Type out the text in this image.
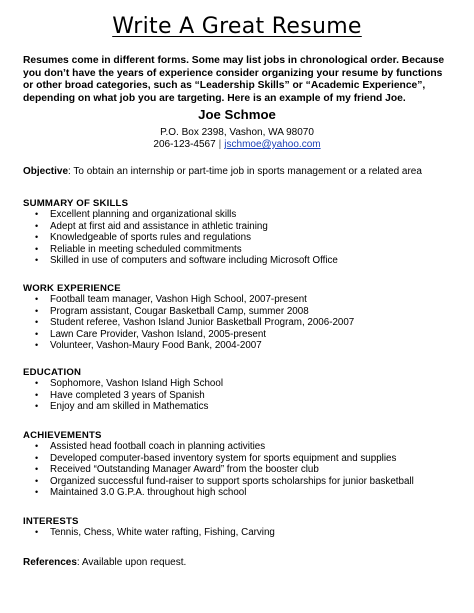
Write A Great Resume
Resumes come in different forms. Some may list jobs in chronological order. Because you don’t have the years of experience consider organizing your resume by functions or other broad categories, such as “Leadership Skills” or “Academic Experience”, depending on what job you are targeting. Here is an example of my friend Joe.
Joe Schmoe
P.O. Box 2398, Vashon, WA 98070
206-123-4567 | jschmoe@yahoo.com
Objective: To obtain an internship or part-time job in sports management or a related area
SUMMARY OF SKILLS
• Excellent planning and organizational skills
• Adept at first aid and assistance in athletic training
• Knowledgeable of sports rules and regulations
• Reliable in meeting scheduled commitments
• Skilled in use of computers and software including Microsoft Office
WORK EXPERIENCE
• Football team manager, Vashon High School, 2007-present
• Program assistant, Cougar Basketball Camp, summer 2008
• Student referee, Vashon Island Junior Basketball Program, 2006-2007
• Lawn Care Provider, Vashon Island, 2005-present
• Volunteer, Vashon-Maury Food Bank, 2004-2007
EDUCATION
• Sophomore, Vashon Island High School
• Have completed 3 years of Spanish
• Enjoy and am skilled in Mathematics
ACHIEVEMENTS
• Assisted head football coach in planning activities
• Developed computer-based inventory system for sports equipment and supplies
• Received “Outstanding Manager Award” from the booster club
• Organized successful fund-raiser to support sports scholarships for junior basketball
• Maintained 3.0 G.P.A. throughout high school
INTERESTS
• Tennis, Chess, White water rafting, Fishing, Carving
References: Available upon request.
